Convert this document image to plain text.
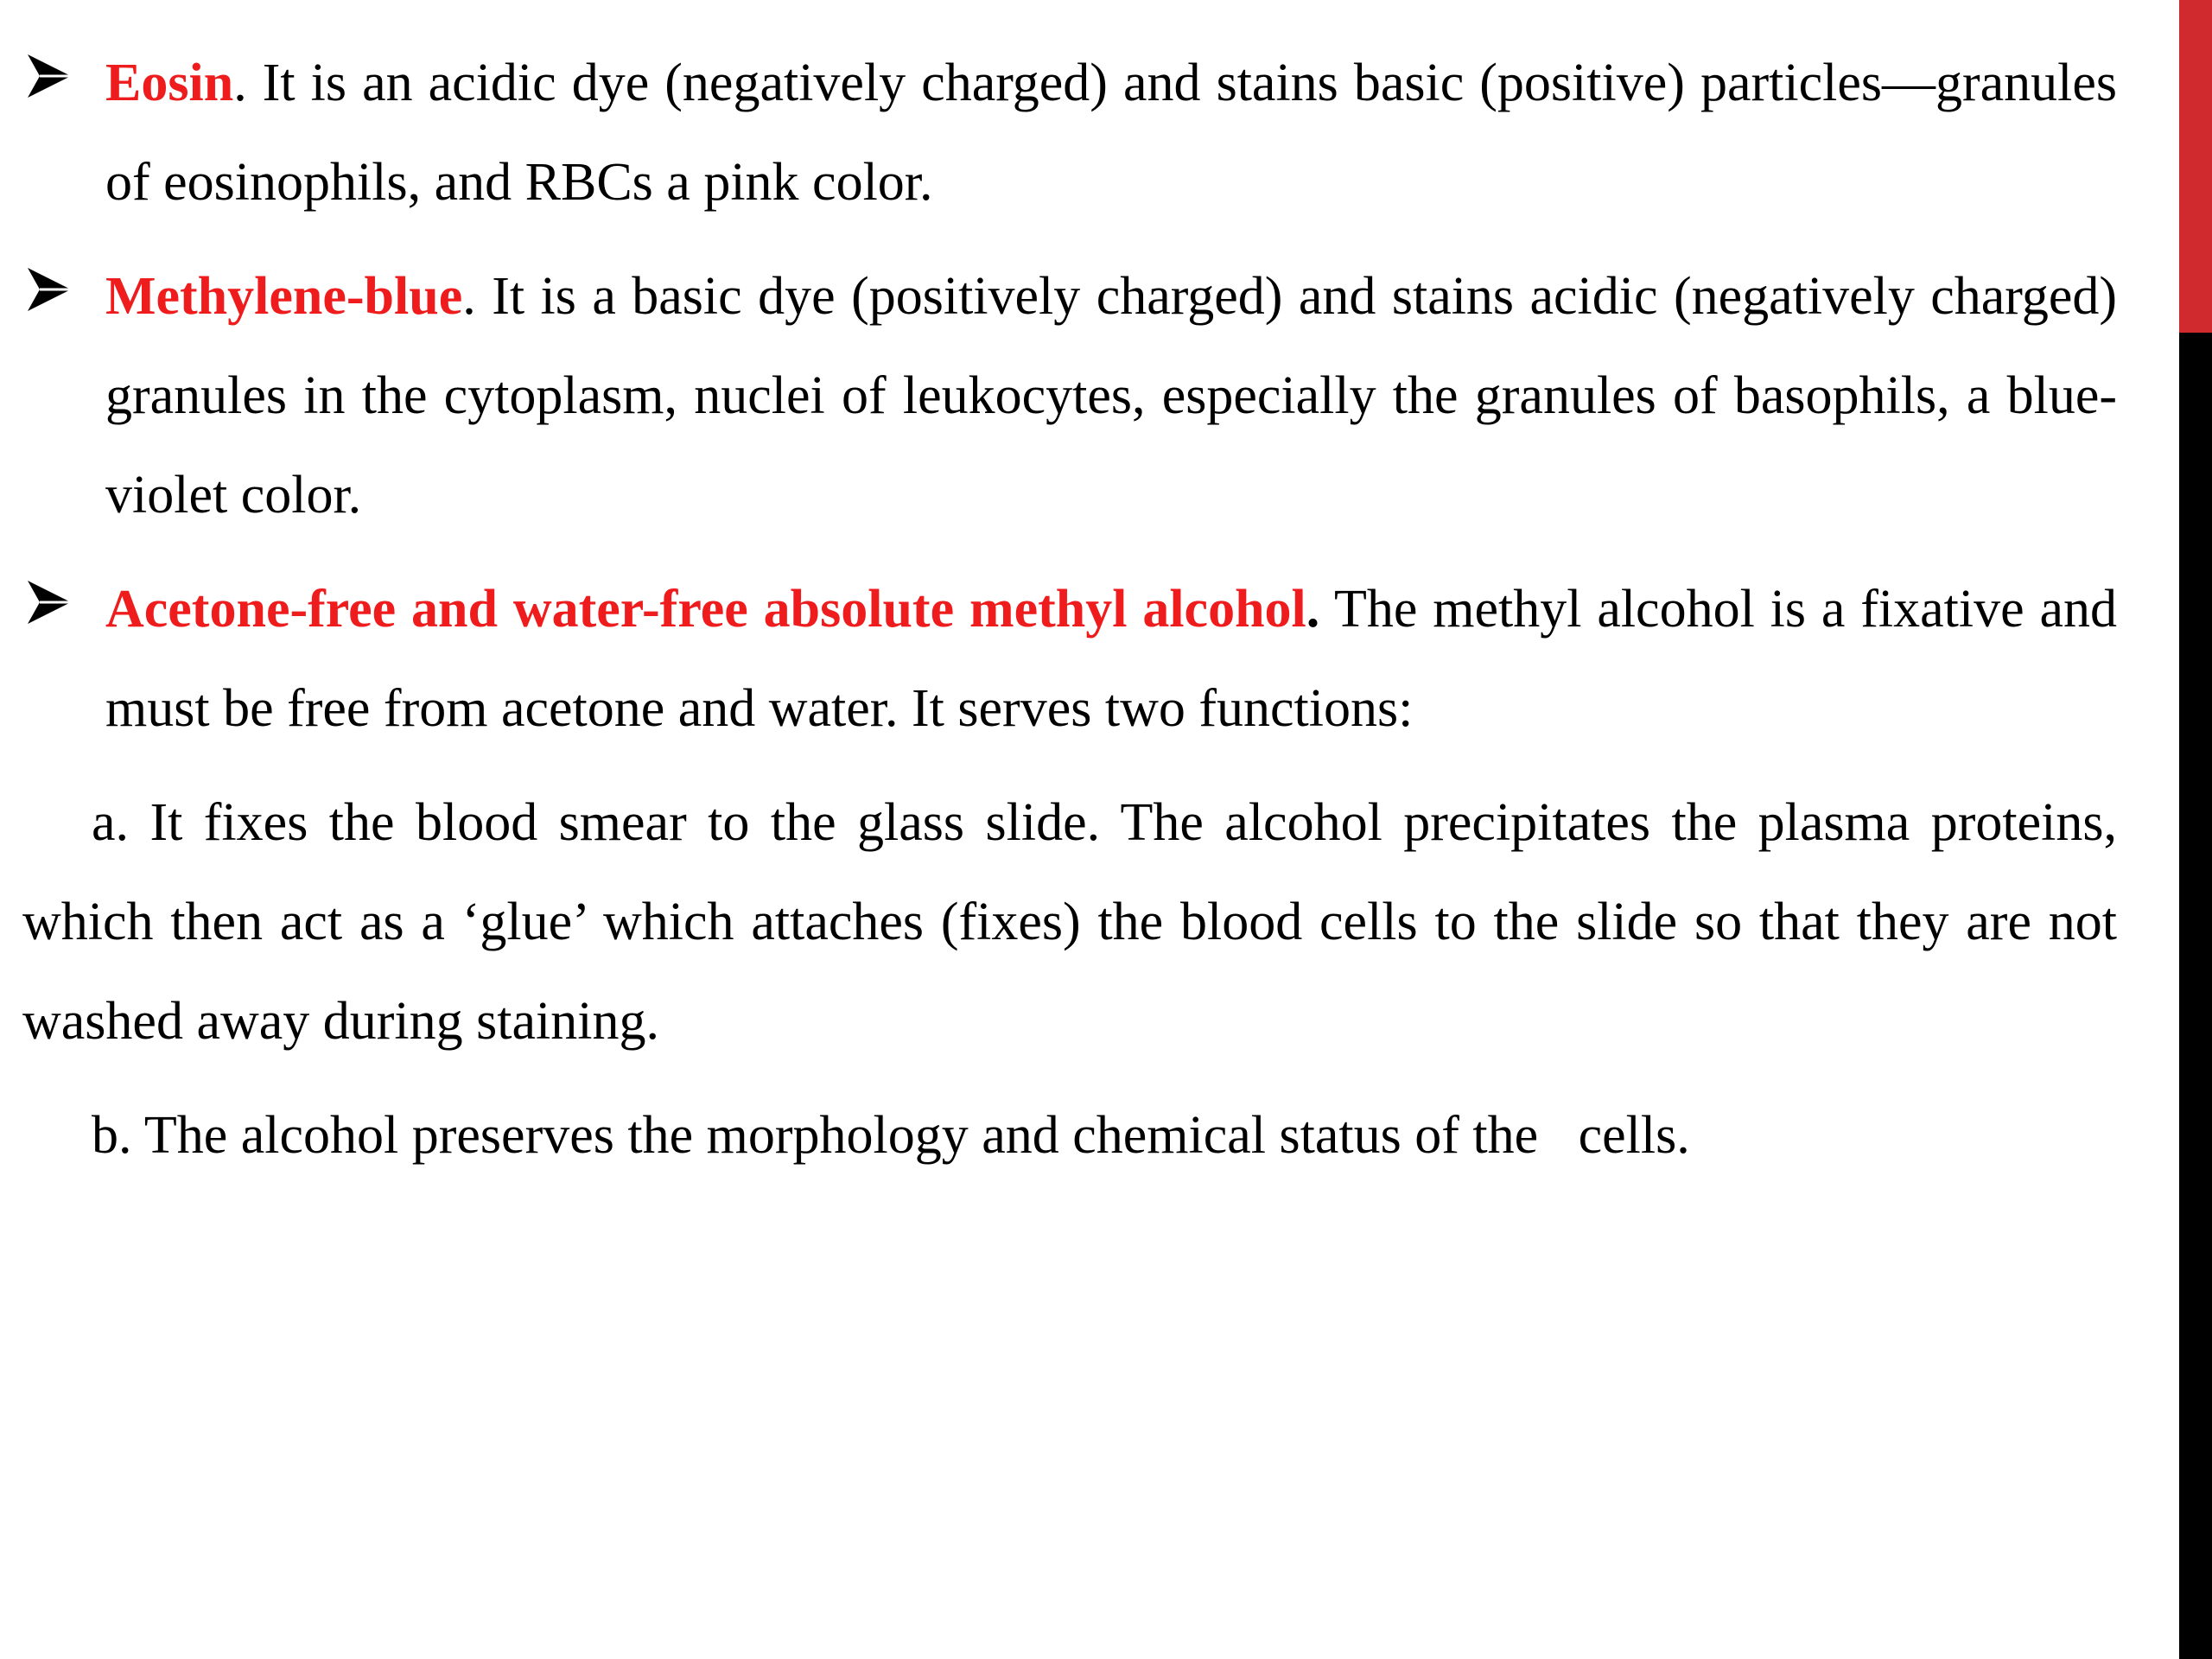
Eosin. It is an acidic dye (negatively charged) and stains basic (positive) particles—granules of eosinophils, and RBCs a pink color.

Methylene-blue. It is a basic dye (positively charged) and stains acidic (negatively charged) granules in the cytoplasm, nuclei of leukocytes, especially the granules of basophils, a blue-violet color.

Acetone-free and water-free absolute methyl alcohol. The methyl alcohol is a fixative and must be free from acetone and water. It serves two functions:

a. It fixes the blood smear to the glass slide. The alcohol precipitates the plasma proteins, which then act as a ‘glue’ which attaches (fixes) the blood cells to the slide so that they are not washed away during staining.

b. The alcohol preserves the morphology and chemical status of the   cells.
